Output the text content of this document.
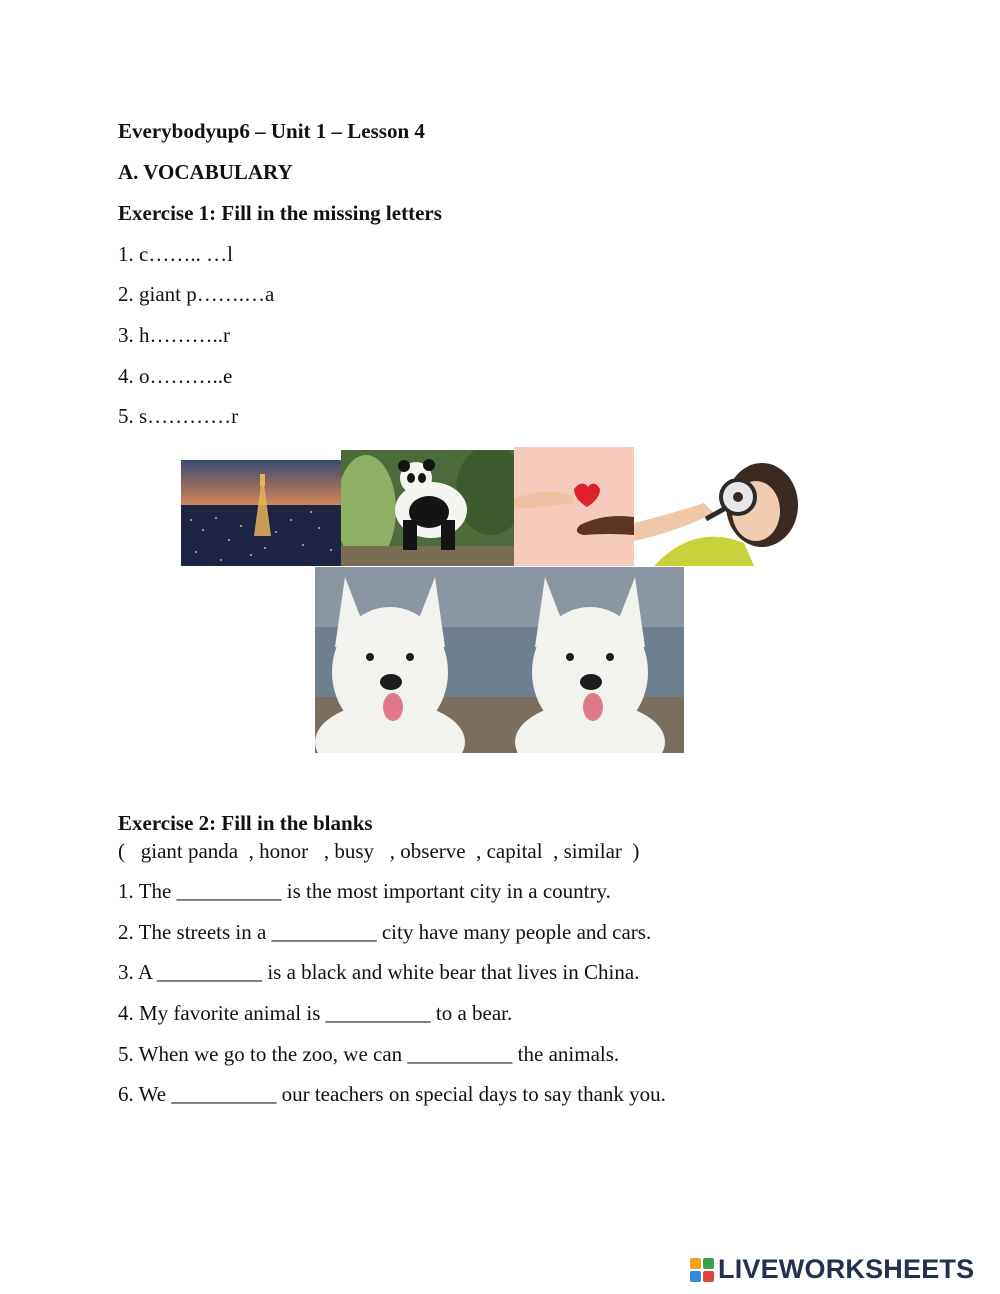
Everybodyup6 – Unit 1 – Lesson 4
A. VOCABULARY
Exercise 1: Fill in the missing letters
1. c…….. …l
2. giant p…….…a
3. h………..r
4. o………..e
5. s…………r
Exercise 2: Fill in the blanks
(   giant panda  , honor   , busy   , observe  , capital  , similar  )
1. The __________ is the most important city in a country.
2. The streets in a __________ city have many people and cars.
3. A __________ is a black and white bear that lives in China.
4. My favorite animal is __________ to a bear.
5. When we go to the zoo, we can __________ the animals.
6. We __________ our teachers on special days to say thank you.
LIVEWORKSHEETS
